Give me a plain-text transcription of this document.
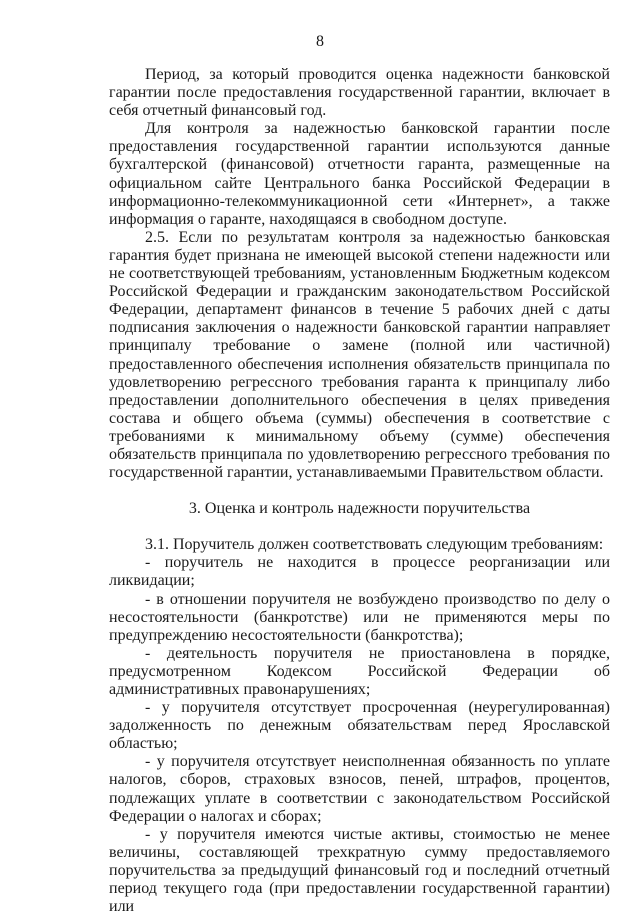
8

Период, за который проводится оценка надежности банковской гарантии после предоставления государственной гарантии, включает в себя отчетный финансовый год.

Для контроля за надежностью банковской гарантии после предоставления государственной гарантии используются данные бухгалтерской (финансовой) отчетности гаранта, размещенные на официальном сайте Центрального банка Российской Федерации в информационно-телекоммуникационной сети «Интернет», а также информация о гаранте, находящаяся в свободном доступе.

2.5. Если по результатам контроля за надежностью банковская гарантия будет признана не имеющей высокой степени надежности или не соответствующей требованиям, установленным Бюджетным кодексом Российской Федерации и гражданским законодательством Российской Федерации, департамент финансов в течение 5 рабочих дней с даты подписания заключения о надежности банковской гарантии направляет принципалу требование о замене (полной или частичной) предоставленного обеспечения исполнения обязательств принципала по удовлетворению регрессного требования гаранта к принципалу либо предоставлении дополнительного обеспечения в целях приведения состава и общего объема (суммы) обеспечения в соответствие с требованиями к минимальному объему (сумме) обеспечения обязательств принципала по удовлетворению регрессного требования по государственной гарантии, устанавливаемыми Правительством области.

3. Оценка и контроль надежности поручительства

3.1. Поручитель должен соответствовать следующим требованиям:

- поручитель не находится в процессе реорганизации или ликвидации;

- в отношении поручителя не возбуждено производство по делу о несостоятельности (банкротстве) или не применяются меры по предупреждению несостоятельности (банкротства);

- деятельность поручителя не приостановлена в порядке, предусмотренном Кодексом Российской Федерации об административных правонарушениях;

- у поручителя отсутствует просроченная (неурегулированная) задолженность по денежным обязательствам перед Ярославской областью;

- у поручителя отсутствует неисполненная обязанность по уплате налогов, сборов, страховых взносов, пеней, штрафов, процентов, подлежащих уплате в соответствии с законодательством Российской Федерации о налогах и сборах;

- у поручителя имеются чистые активы, стоимостью не менее величины, составляющей трехкратную сумму предоставляемого поручительства за предыдущий финансовый год и последний отчетный период текущего года (при предоставлении государственной гарантии) или
